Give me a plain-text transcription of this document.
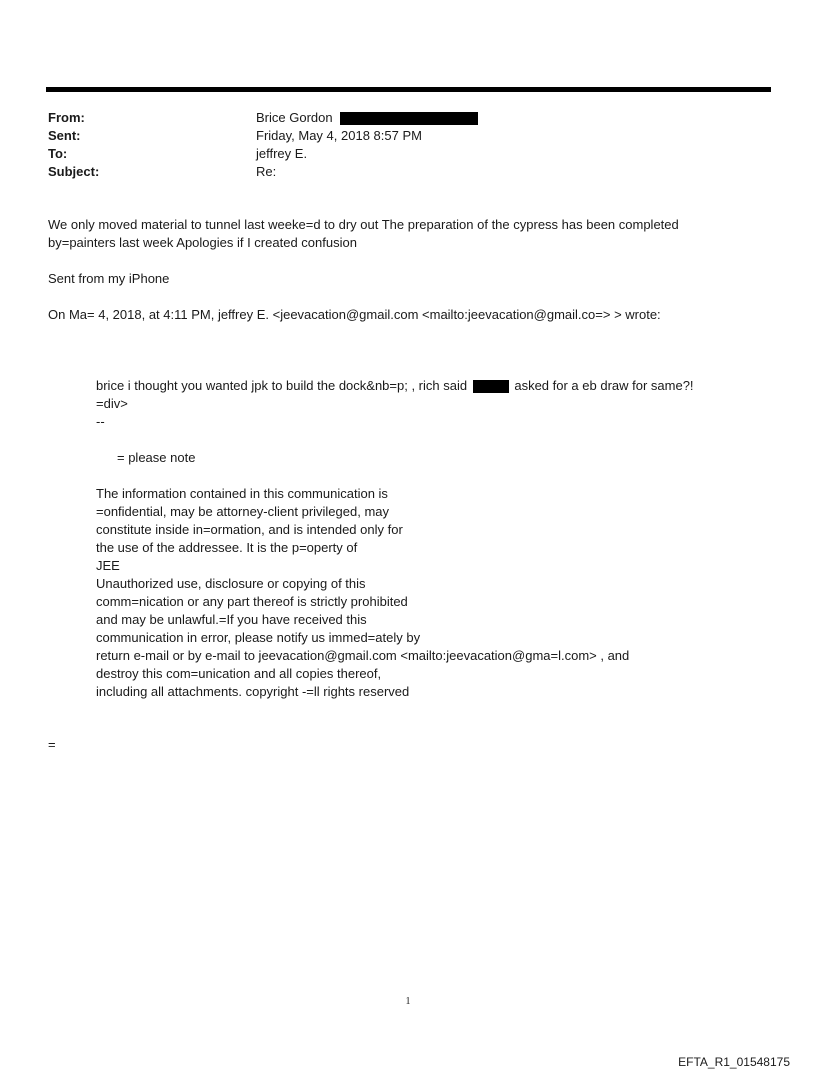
From:
Sent:
To:
Subject:
Brice Gordon
Friday, May 4, 2018 8:57 PM
jeffrey E.
Re:
We only moved material to tunnel last weeke=d to dry out The preparation of the cypress has been completed
by=painters last week Apologies if I created confusion
Sent from my iPhone
On Ma= 4, 2018, at 4:11 PM, jeffrey E. <jeevacation@gmail.com <mailto:jeevacation@gmail.co=> > wrote:
brice i thought you wanted jpk to build the dock&nb=p; , rich said	asked for a eb draw for same?!
=div>
--
= please note
The information contained in this communication is
=onfidential, may be attorney-client privileged, may
constitute inside in=ormation, and is intended only for
the use of the addressee. It is the p=operty of
JEE
Unauthorized use, disclosure or copying of this
comm=nication or any part thereof is strictly prohibited
and may be unlawful.=If you have received this
communication in error, please notify us immed=ately by
return e-mail or by e-mail to jeevacation@gmail.com <mailto:jeevacation@gma=l.com> , and
destroy this com=unication and all copies thereof,
including all attachments. copyright -=ll rights reserved
=
1
EFTA_R1_01548175
